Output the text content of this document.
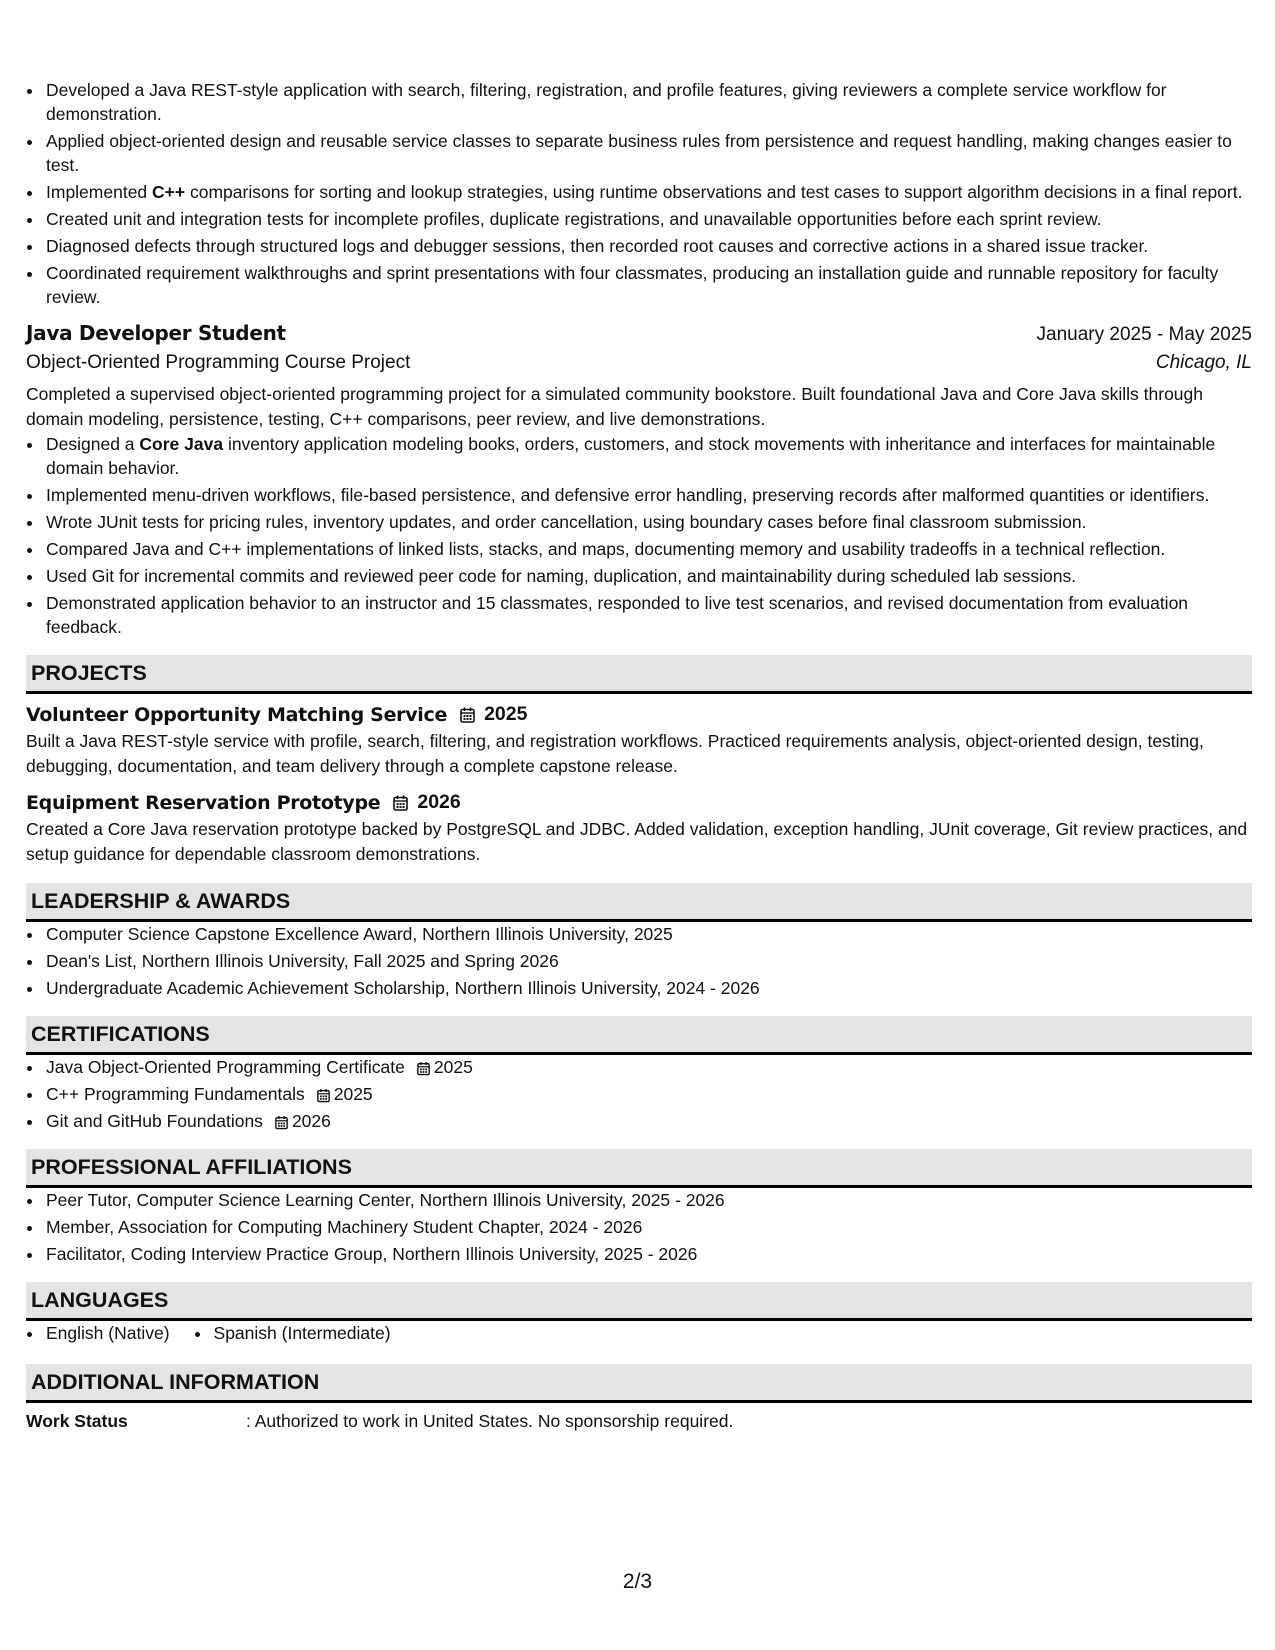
• Developed a Java REST-style application with search, filtering, registration, and profile features, giving reviewers a complete service workflow for demonstration.
• Applied object-oriented design and reusable service classes to separate business rules from persistence and request handling, making changes easier to test.
• Implemented C++ comparisons for sorting and lookup strategies, using runtime observations and test cases to support algorithm decisions in a final report.
• Created unit and integration tests for incomplete profiles, duplicate registrations, and unavailable opportunities before each sprint review.
• Diagnosed defects through structured logs and debugger sessions, then recorded root causes and corrective actions in a shared issue tracker.
• Coordinated requirement walkthroughs and sprint presentations with four classmates, producing an installation guide and runnable repository for faculty review.
Java Developer Student	January 2025 - May 2025
Object-Oriented Programming Course Project	Chicago, IL
Completed a supervised object-oriented programming project for a simulated community bookstore. Built foundational Java and Core Java skills through domain modeling, persistence, testing, C++ comparisons, peer review, and live demonstrations.
• Designed a Core Java inventory application modeling books, orders, customers, and stock movements with inheritance and interfaces for maintainable domain behavior.
• Implemented menu-driven workflows, file-based persistence, and defensive error handling, preserving records after malformed quantities or identifiers.
• Wrote JUnit tests for pricing rules, inventory updates, and order cancellation, using boundary cases before final classroom submission.
• Compared Java and C++ implementations of linked lists, stacks, and maps, documenting memory and usability tradeoffs in a technical reflection.
• Used Git for incremental commits and reviewed peer code for naming, duplication, and maintainability during scheduled lab sessions.
• Demonstrated application behavior to an instructor and 15 classmates, responded to live test scenarios, and revised documentation from evaluation feedback.
PROJECTS
Volunteer Opportunity Matching Service 2025
Built a Java REST-style service with profile, search, filtering, and registration workflows. Practiced requirements analysis, object-oriented design, testing, debugging, documentation, and team delivery through a complete capstone release.
Equipment Reservation Prototype 2026
Created a Core Java reservation prototype backed by PostgreSQL and JDBC. Added validation, exception handling, JUnit coverage, Git review practices, and setup guidance for dependable classroom demonstrations.
LEADERSHIP & AWARDS
• Computer Science Capstone Excellence Award, Northern Illinois University, 2025
• Dean's List, Northern Illinois University, Fall 2025 and Spring 2026
• Undergraduate Academic Achievement Scholarship, Northern Illinois University, 2024 - 2026
CERTIFICATIONS
• Java Object-Oriented Programming Certificate 2025
• C++ Programming Fundamentals 2025
• Git and GitHub Foundations 2026
PROFESSIONAL AFFILIATIONS
• Peer Tutor, Computer Science Learning Center, Northern Illinois University, 2025 - 2026
• Member, Association for Computing Machinery Student Chapter, 2024 - 2026
• Facilitator, Coding Interview Practice Group, Northern Illinois University, 2025 - 2026
LANGUAGES
• English (Native)
•	Spanish (Intermediate)
ADDITIONAL INFORMATION
Work Status	: Authorized to work in United States. No sponsorship required.
2/3
